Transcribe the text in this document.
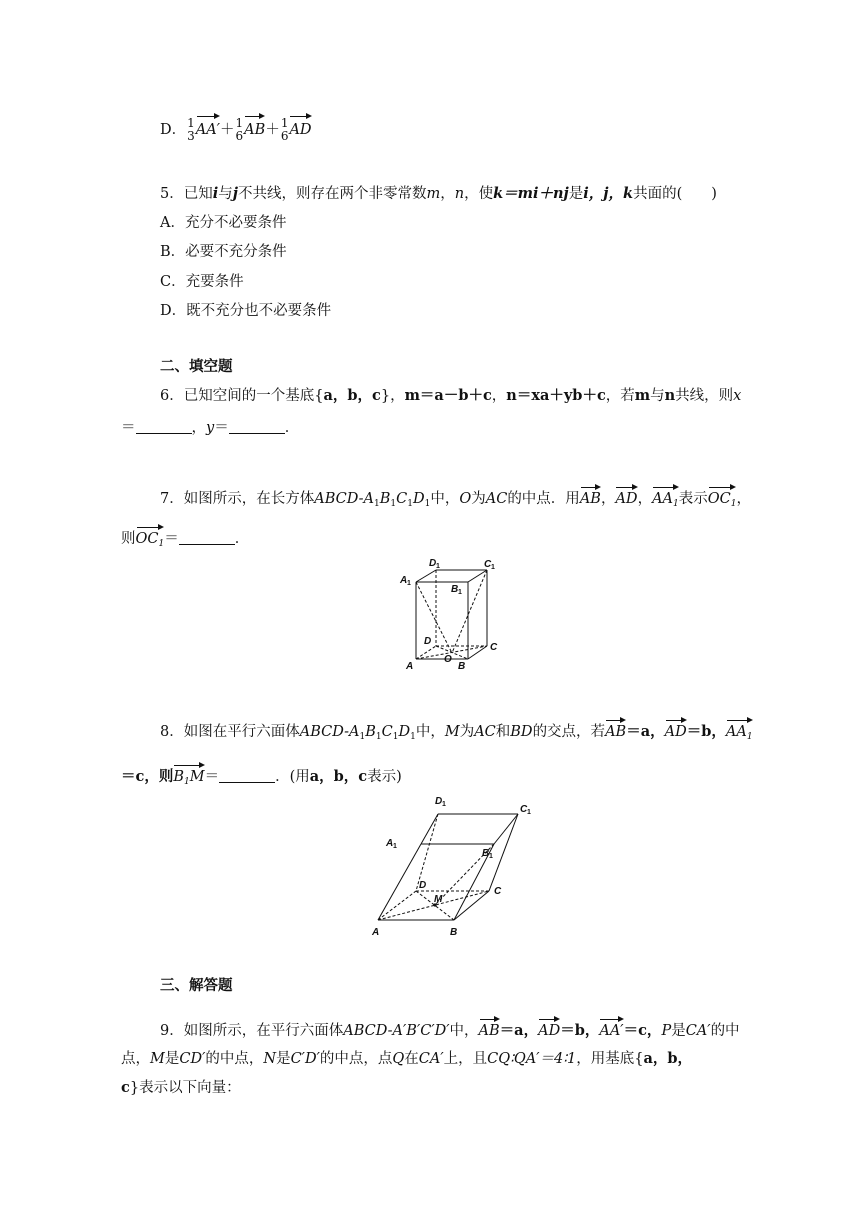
D． 1
3 AA′＋ 1
6 AB＋ 1
6 AD
5．已知i与j不共线，则存在两个非零常数m，n，使k＝mi＋nj是i，j，k共面的(　　)
A．充分不必要条件
B．必要不充分条件
C．充要条件
D．既不充分也不必要条件
二、填空题
6．已知空间的一个基底{a，b，c}，m＝a－b＋c，n＝xa＋yb＋c，若m与n共线，则x
＝	，y＝	．
7．如图所示，在长方体ABCD-$A_1B_1C_1D_1$中，O为AC的中点．用AB，AD，$AA_1$表示$OC_1$，
则$OC_1=$	．
D 1	C 1
A 1
B 1
D
C
O
A	B
8．如图在平行六面体ABCD-$A_1B_1C_1D_1$中，M为AC和BD的交点，若AB＝a，AD＝b，$AA_1$
＝c，则$B_1M=$	．(用a，b，c表示)
D 1	C 1
A 1
B 1
D
C
M
A	B
三、解答题
9．如图所示，在平行六面体ABCD-A′B′C′D′中，AB＝a，AD＝b，AA′＝c，P是CA′的中
点，M是CD′的中点，N是C′D′的中点，点Q在CA′上，且CQ∶QA′＝4∶1，用基底{a，b，
c}表示以下向量：
